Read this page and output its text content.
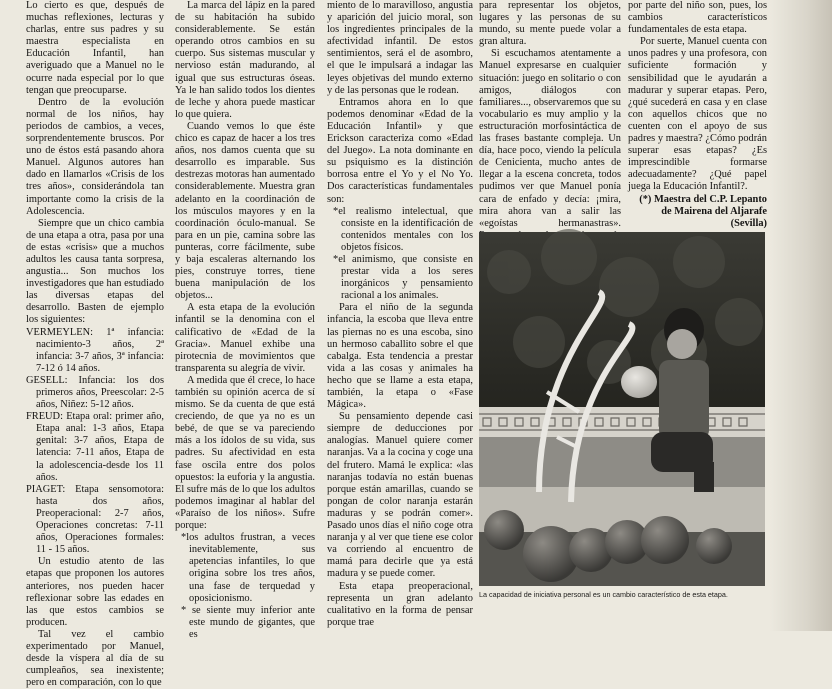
Lo cierto es que, después de muchas reflexiones, lecturas y charlas, entre sus padres y su maestra especialista en Educación Infantil, han averiguado que a Manuel no le ocurre nada especial por lo que tengan que preocuparse.

Dentro de la evolución normal de los niños, hay periodos de cambios, a veces, sorprendentemente bruscos. Por uno de éstos está pasando ahora Manuel. Algunos autores han dado en llamarlos «Crisis de los tres años», considerándola tan importante como la crisis de la Adolescencia.

Siempre que un chico cambia de una etapa a otra, pasa por una de estas «crisis» que a muchos adultos les causa tanta sorpresa, angustia... Son muchos los investigadores que han estudiado las diversas etapas del desarrollo. Basten de ejemplo los siguientes:

VERMEYLEN: 1ª infancia: nacimiento-3 años, 2ª infancia: 3-7 años, 3ª infancia: 7-12 ó 14 años.

GESELL: Infancia: los dos primeros años, Preescolar: 2-5 años, Niñez: 5-12 años.

FREUD: Etapa oral: primer año, Etapa anal: 1-3 años, Etapa genital: 3-7 años, Etapa de latencia: 7-11 años, Etapa de la adolescencia-desde los 11 años.

PIAGET: Etapa sensomotora: hasta dos años, Preoperacional: 2-7 años, Operaciones concretas: 7-11 años, Operaciones formales: 11 - 15 años.

Un estudio atento de las etapas que proponen los autores anteriores, nos pueden hacer reflexionar sobre las edades en las que estos cambios se producen.

Tal vez el cambio experimentado por Manuel, desde la víspera al día de su cumpleaños, sea inexistente; pero en comparación, con lo que

La marca del lápiz en la pared de su habitación ha subido considerablemente. Se están operando otros cambios en su cuerpo. Sus sistemas muscular y nervioso están madurando, al igual que sus estructuras óseas. Ya le han salido todos los dientes de leche y ahora puede masticar lo que quiera.

Cuando vemos lo que éste chico es capaz de hacer a los tres años, nos damos cuenta que su desarrollo es imparable. Sus destrezas motoras han aumentado considerablemente. Muestra gran adelanto en la coordinación de los músculos mayores y en la coordinación óculo-manual. Se para en un pie, camina sobre las punteras, corre fácilmente, sube y baja escaleras alternando los pies, construye torres, tiene buena manipulación de los objetos...

A esta etapa de la evolución infantil se la denomina con el calificativo de «Edad de la Gracia». Manuel exhibe una pirotecnia de movimientos que transparenta su alegría de vivir.

A medida que él crece, lo hace también su opinión acerca de sí mismo. Se da cuenta de que está creciendo, de que ya no es un bebé, de que se va pareciendo más a los ídolos de su vida, sus padres. Su afectividad en esta fase oscila entre dos polos opuestos: la euforia y la angustia. El sufre más de lo que los adultos podemos imaginar al hablar del «Paraíso de los niños». Sufre porque:

*los adultos frustran, a veces inevitablemente, sus apetencias infantiles, lo que origina sobre los tres años, una fase de terquedad y oposicionismo.

* se siente muy inferior ante este mundo de gigantes, que es

miento de lo maravilloso, angustia y aparición del juicio moral, son los ingredientes principales de la afectividad infantil. De estos sentimientos, será el de asombro, el que le impulsará a indagar las leyes objetivas del mundo externo y de las personas que le rodean.

Entramos ahora en lo que podemos denominar «Edad de la Educación Infantil» y que Erickson caracteriza como «Edad del Juego». La nota dominante en su psiquismo es la distinción borrosa entre el Yo y el No Yo. Dos características fundamentales son:

*el realismo intelectual, que consiste en la identificación de contenidos mentales con los objetos físicos.

*el animismo, que consiste en prestar vida a los seres inorgánicos y pensamiento racional a los animales.

Para el niño de la segunda infancia, la escoba que lleva entre las piernas no es una escoba, sino un hermoso caballito sobre el que cabalga. Esta tendencia a prestar vida a las cosas y animales ha hecho que se llame a esta etapa, también, la etapa o «Fase Mágica».

Su pensamiento depende casi siempre de deducciones por analogías. Manuel quiere comer naranjas. Va a la cocina y coge una del frutero. Mamá le explica: «las naranjas todavía no están buenas porque están amarillas, cuando se pongan de color naranja estarán maduras y se podrán comer». Pasado unos días el niño coge otra naranja y al ver que tiene ese color va corriendo al encuentro de mamá para decirle que ya está madura y se puede comer.

Esta etapa preoperacional, representa un gran adelanto cualitativo en la forma de pensar porque trae

para representar los objetos, lugares y las personas de su mundo, su mente puede volar a gran altura.

Si escuchamos atentamente a Manuel expresarse en cualquier situación: juego en solitario o con amigos, diálogos con familiares..., observaremos que su vocabulario es muy amplio y la estructuración morfosintáctica de las frases bastante compleja. Un día, hace poco, viendo la película de Cenicienta, mucho antes de llegar a la escena concreta, todos pudimos ver que Manuel ponía cara de enfado y decía: ¡mira, mira ahora van a salir las «egoístas hermanastras».

por parte del niño son, pues, los cambios característicos fundamentales de esta etapa.

Por suerte, Manuel cuenta con unos padres y una profesora, con suficiente formación y sensibilidad que le ayudarán a madurar y superar etapas. Pero, ¿qué sucederá en casa y en clase con aquellos chicos que no cuenten con el apoyo de sus padres y maestra? ¿Cómo podrán superar esas etapas? ¿Es imprescindible formarse adecuadamente? ¿Qué papel juega la Educación Infantil?.

(*) Maestra del C.P. Lepanto

de Mairena del Aljarafe

(Sevilla)

La capacidad de iniciativa personal es un cambio característico de esta etapa.
